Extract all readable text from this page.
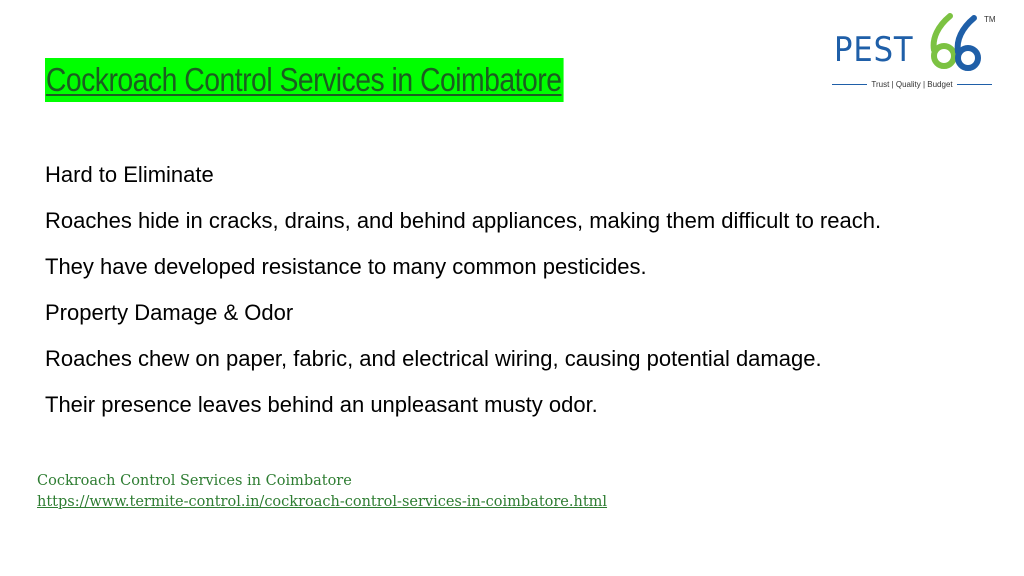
Cockroach Control Services in Coimbatore
PEST
TM
Trust | Quality | Budget

Hard to Eliminate

Roaches hide in cracks, drains, and behind appliances, making them difficult to reach.

They have developed resistance to many common pesticides.

Property Damage & Odor

Roaches chew on paper, fabric, and electrical wiring, causing potential damage.

Their presence leaves behind an unpleasant musty odor.

Cockroach Control Services in Coimbatore
https://www.termite-control.in/cockroach-control-services-in-coimbatore.html
